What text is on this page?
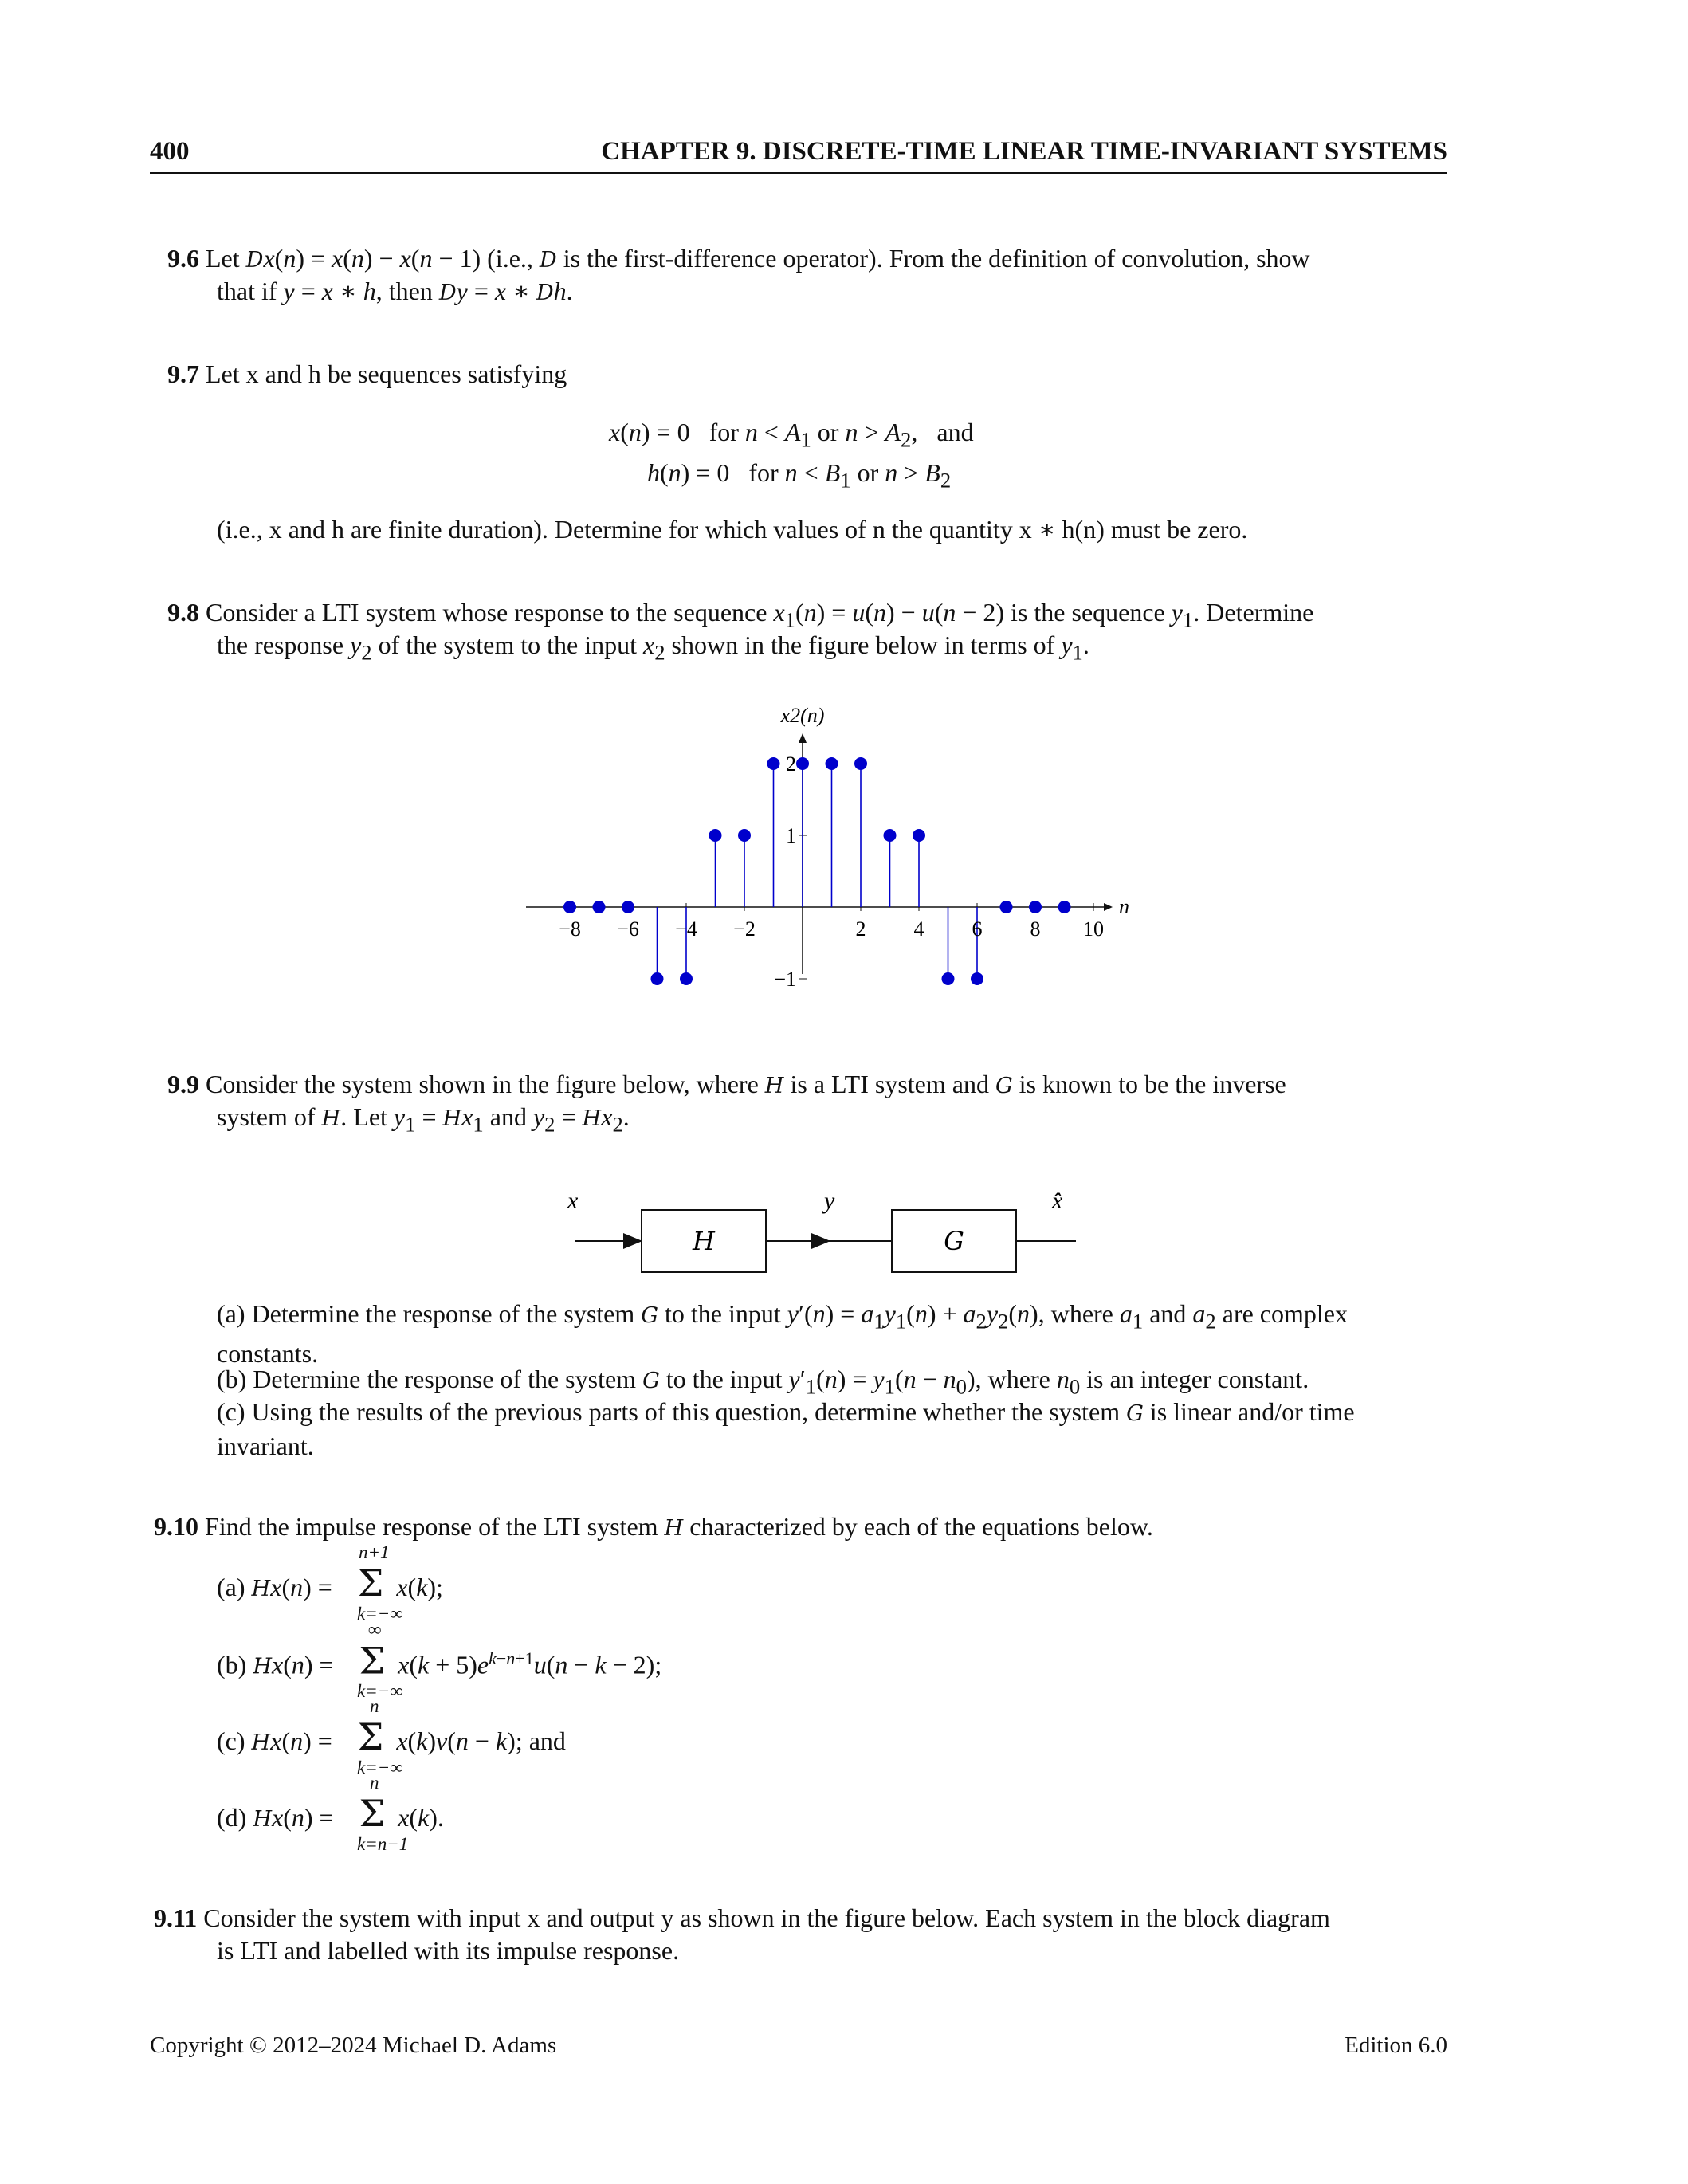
400	CHAPTER 9. DISCRETE-TIME LINEAR TIME-INVARIANT SYSTEMS
9.6 Let Dx(n) = x(n) − x(n − 1) (i.e., D is the first-difference operator). From the definition of convolution, show
that if y = x ∗ h, then Dy = x ∗ Dh.
9.7 Let x and h be sequences satisfying
x(n) = 0   for $n < A_1$ or $n > A_2$,   and
h(n) = 0   for $n < B_1$ or $n > B_2$
(i.e., x and h are finite duration). Determine for which values of n the quantity x ∗ h(n) must be zero.
9.8 Consider a LTI system whose response to the sequence $x_1(n) = u(n) - u(n - 2)$ is the sequence $y_1$. Determine
the response $y_2$ of the system to the input $x_2$ shown in the figure below in terms of $y_1$.
x2(n)
n
−8 −6 −4 −2	2 4 6 8 10
2
1
−1
9.9 Consider the system shown in the figure below, where H is a LTI system and G is known to be the inverse
system of H. Let $y_1 = Hx_1$ and $y_2 = Hx_2$.
x	y	x̂
H	G
(a) Determine the response of the system G to the input $y'(n) = a_1y_1(n) + a_2y_2(n)$, where $a_1$ and $a_2$ are complex
constants.
(b) Determine the response of the system G to the input $y'_1(n) = y_1(n - n_0)$, where $n_0$ is an integer constant.
(c) Using the results of the previous parts of this question, determine whether the system G is linear and/or time
invariant.
9.10 Find the impulse response of the LTI system H characterized by each of the equations below.
n+1
(a) Hx(n) = Σ x(k);
k=−∞
∞
(b) Hx(n) = Σ $x(k + 5)e^{k-n+1}u(n - k - 2)$;
k=−∞
n
(c) Hx(n) = Σ x(k)v(n − k); and
k=−∞
n
(d) Hx(n) = Σ x(k).
k=n−1
9.11 Consider the system with input x and output y as shown in the figure below. Each system in the block diagram
is LTI and labelled with its impulse response.
Copyright © 2012–2024 Michael D. Adams	Edition 6.0
